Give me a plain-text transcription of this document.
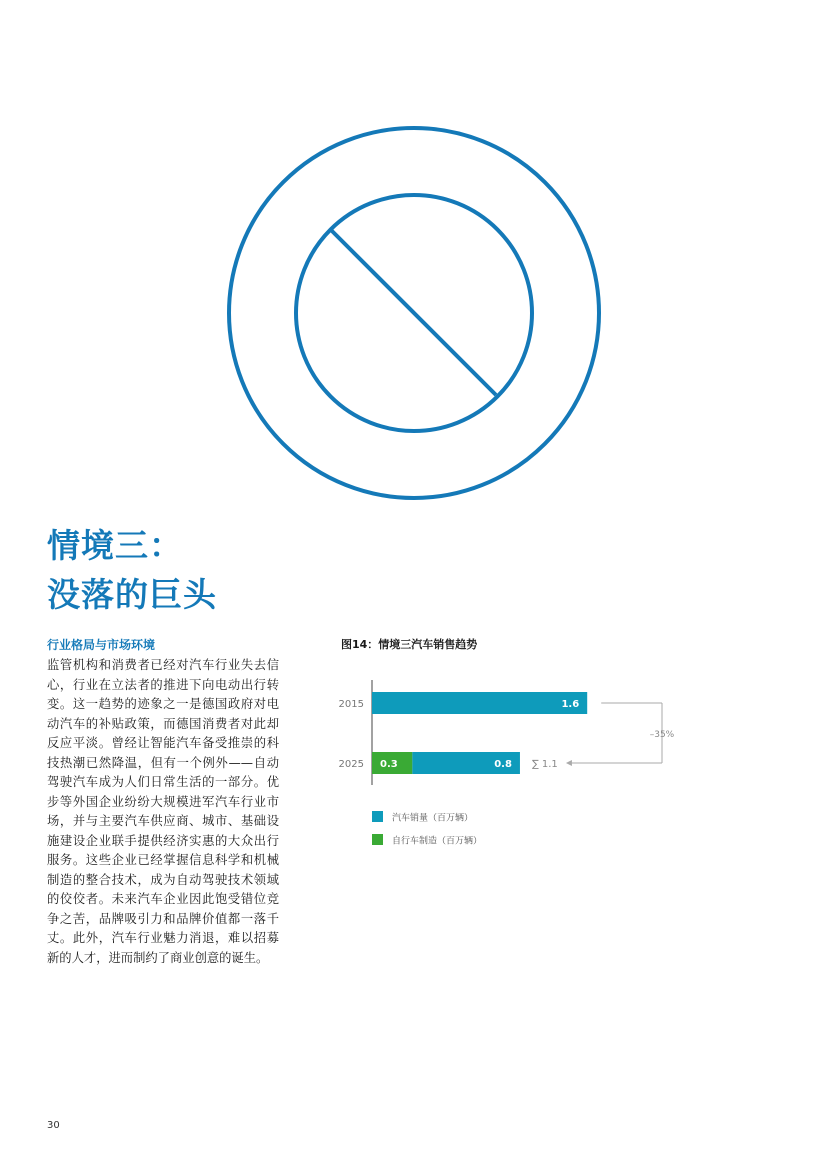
情境三：
没落的巨头
行业格局与市场环境

监管机构和消费者已经对汽车行业失去信心，行业在立法者的推进下向电动出行转变。这一趋势的迹象之一是德国政府对电动汽车的补贴政策，而德国消费者对此却反应平淡。曾经让智能汽车备受推崇的科技热潮已然降温，但有一个例外——自动驾驶汽车成为人们日常生活的一部分。优步等外国企业纷纷大规模进军汽车行业市场，并与主要汽车供应商、城市、基础设施建设企业联手提供经济实惠的大众出行服务。这些企业已经掌握信息科学和机械制造的整合技术，成为自动驾驶技术领域的佼佼者。未来汽车企业因此饱受错位竞争之苦，品牌吸引力和品牌价值都一落千丈。此外，汽车行业魅力消退，难以招募新的人才，进而制约了商业创意的诞生。

图14：情境三汽车销售趋势
2015	1.6
2025 0.3	0.8 ∑ 1.1
–35%
汽车销量（百万辆）
自行车制造（百万辆）
30
